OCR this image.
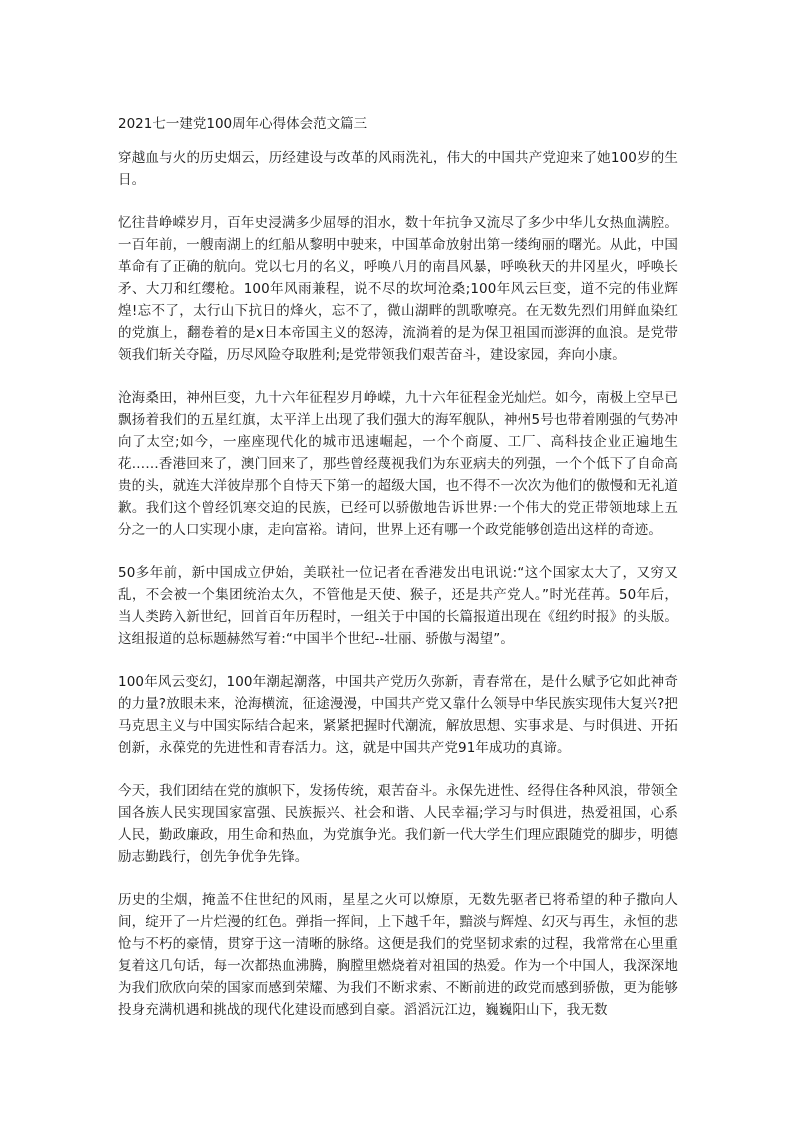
2021七一建党100周年心得体会范文篇三

穿越血与火的历史烟云，历经建设与改革的风雨洗礼，伟大的中国共产党迎来了她100岁的生日。

忆往昔峥嵘岁月，百年史浸满多少屈辱的泪水，数十年抗争又流尽了多少中华儿女热血满腔。一百年前，一艘南湖上的红船从黎明中驶来，中国革命放射出第一缕绚丽的曙光。从此，中国革命有了正确的航向。党以七月的名义，呼唤八月的南昌风暴，呼唤秋天的井冈星火，呼唤长矛、大刀和红缨枪。100年风雨兼程，说不尽的坎坷沧桑;100年风云巨变，道不完的伟业辉煌!忘不了，太行山下抗日的烽火，忘不了，微山湖畔的凯歌嘹亮。在无数先烈们用鲜血染红的党旗上，翻卷着的是x日本帝国主义的怒涛，流淌着的是为保卫祖国而澎湃的血浪。是党带领我们斩关夺隘，历尽风险夺取胜利;是党带领我们艰苦奋斗，建设家园，奔向小康。

沧海桑田，神州巨变，九十六年征程岁月峥嵘，九十六年征程金光灿烂。如今，南极上空早已飘扬着我们的五星红旗，太平洋上出现了我们强大的海军舰队，神州5号也带着刚强的气势冲向了太空;如今，一座座现代化的城市迅速崛起，一个个商厦、工厂、高科技企业正遍地生花……香港回来了，澳门回来了，那些曾经蔑视我们为东亚病夫的列强，一个个低下了自命高贵的头，就连大洋彼岸那个自恃天下第一的超级大国，也不得不一次次为他们的傲慢和无礼道歉。我们这个曾经饥寒交迫的民族，已经可以骄傲地告诉世界:一个伟大的党正带领地球上五分之一的人口实现小康，走向富裕。请问，世界上还有哪一个政党能够创造出这样的奇迹。

50多年前，新中国成立伊始，美联社一位记者在香港发出电讯说:“这个国家太大了，又穷又乱，不会被一个集团统治太久，不管他是天使、猴子，还是共产党人。”时光荏苒。50年后，当人类跨入新世纪，回首百年历程时，一组关于中国的长篇报道出现在《纽约时报》的头版。这组报道的总标题赫然写着:“中国半个世纪--壮丽、骄傲与渴望”。

100年风云变幻，100年潮起潮落，中国共产党历久弥新，青春常在，是什么赋予它如此神奇的力量?放眼未来，沧海横流，征途漫漫，中国共产党又靠什么领导中华民族实现伟大复兴?把马克思主义与中国实际结合起来，紧紧把握时代潮流，解放思想、实事求是、与时俱进、开拓创新，永葆党的先进性和青春活力。这，就是中国共产党91年成功的真谛。

今天，我们团结在党的旗帜下，发扬传统，艰苦奋斗。永保先进性、经得住各种风浪，带领全国各族人民实现国家富强、民族振兴、社会和谐、人民幸福;学习与时俱进，热爱祖国，心系人民，勤政廉政，用生命和热血，为党旗争光。我们新一代大学生们理应跟随党的脚步，明德励志勤践行，创先争优争先锋。

历史的尘烟，掩盖不住世纪的风雨，星星之火可以燎原，无数先驱者已将希望的种子撒向人间，绽开了一片烂漫的红色。弹指一挥间，上下越千年，黯淡与辉煌、幻灭与再生，永恒的悲怆与不朽的豪情，贯穿于这一清晰的脉络。这便是我们的党坚韧求索的过程，我常常在心里重复着这几句话，每一次都热血沸腾，胸膛里燃烧着对祖国的热爱。作为一个中国人，我深深地为我们欣欣向荣的国家而感到荣耀、为我们不断求索、不断前进的政党而感到骄傲，更为能够投身充满机遇和挑战的现代化建设而感到自豪。滔滔沅江边，巍巍阳山下，我无数
